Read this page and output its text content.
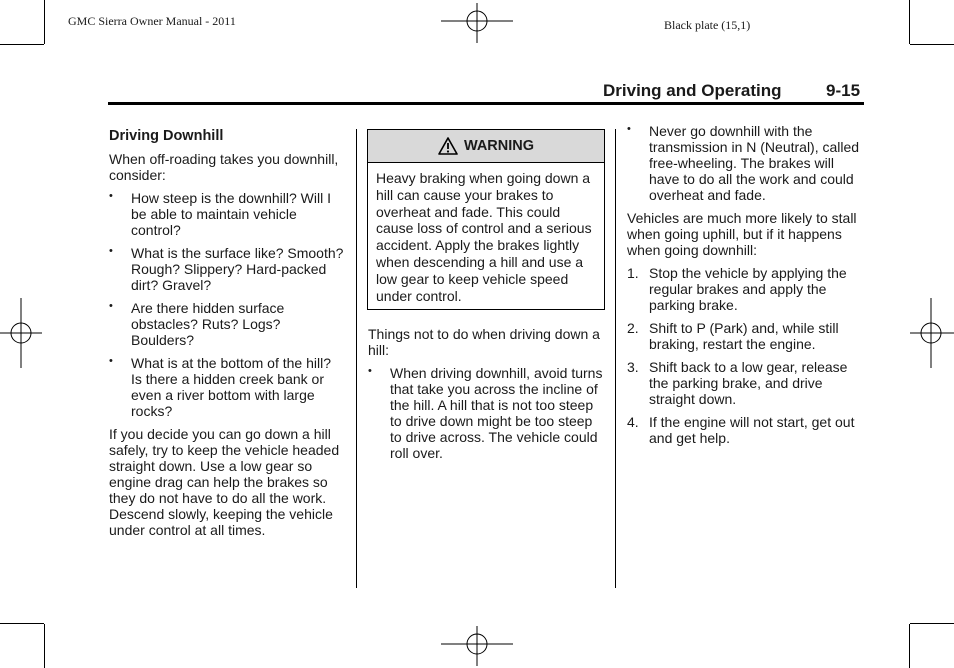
GMC Sierra Owner Manual - 2011	Black plate (15,1)
Driving and Operating	9-15

Driving Downhill

When off-roading takes you downhill, consider:

• How steep is the downhill? Will I be able to maintain vehicle control?
• What is the surface like? Smooth? Rough? Slippery? Hard-packed dirt? Gravel?
• Are there hidden surface obstacles? Ruts? Logs? Boulders?
• What is at the bottom of the hill? Is there a hidden creek bank or even a river bottom with large rocks?

If you decide you can go down a hill safely, try to keep the vehicle headed straight down. Use a low gear so engine drag can help the brakes so they do not have to do all the work. Descend slowly, keeping the vehicle under control at all times.

WARNING
Heavy braking when going down a hill can cause your brakes to overheat and fade. This could cause loss of control and a serious accident. Apply the brakes lightly when descending a hill and use a low gear to keep vehicle speed under control.

Things not to do when driving down a hill:

• When driving downhill, avoid turns that take you across the incline of the hill. A hill that is not too steep to drive down might be too steep to drive across. The vehicle could roll over.
• Never go downhill with the transmission in N (Neutral), called free-wheeling. The brakes will have to do all the work and could overheat and fade.

Vehicles are much more likely to stall when going uphill, but if it happens when going downhill:

1. Stop the vehicle by applying the regular brakes and apply the parking brake.
2. Shift to P (Park) and, while still braking, restart the engine.
3. Shift back to a low gear, release the parking brake, and drive straight down.
4. If the engine will not start, get out and get help.
